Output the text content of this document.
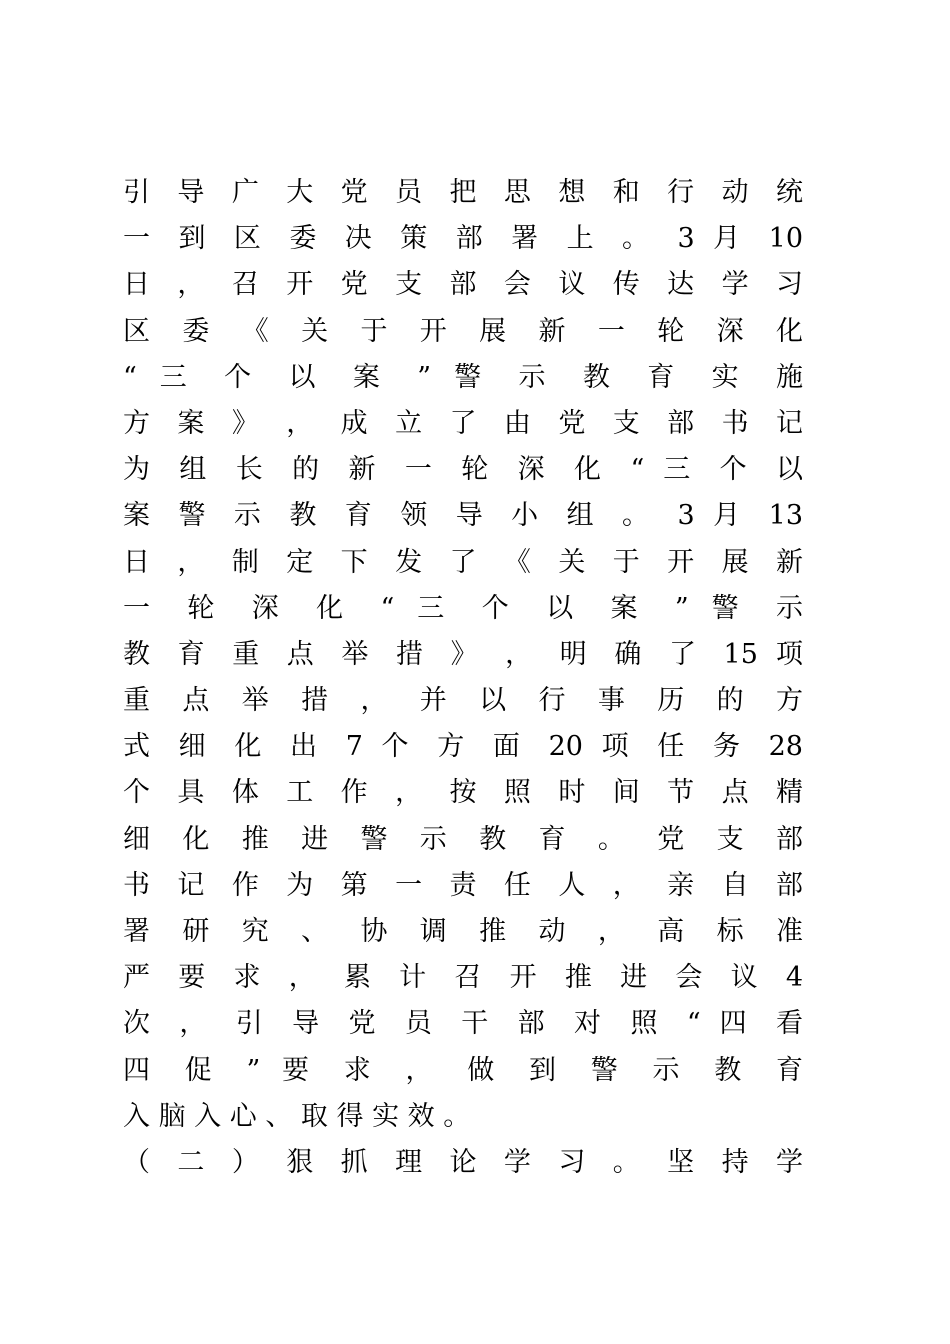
引 导 广 大 党 员 把 思 想 和 行 动 统
一 到 区 委 决 策 部 署 上 。 3 月 10
日 ， 召 开 党 支 部 会 议 传 达 学 习
区 委 《 关 于 开 展 新 一 轮 深 化
“ 三 个 以 案 ” 警 示 教 育 实 施
方 案 》 ， 成 立 了 由 党 支 部 书 记
为 组 长 的 新 一 轮 深 化 “ 三 个 以
案 警 示 教 育 领 导 小 组 。 3 月 13
日 ， 制 定 下 发 了 《 关 于 开 展 新
一 轮 深 化 “ 三 个 以 案 ” 警 示
教 育 重 点 举 措 》 ， 明 确 了 15 项
重 点 举 措 ， 并 以 行 事 历 的 方
式 细 化 出 7 个 方 面 20 项 任 务 28
个 具 体 工 作 ， 按 照 时 间 节 点 精
细 化 推 进 警 示 教 育 。 党 支 部
书 记 作 为 第 一 责 任 人 ， 亲 自 部
署 研 究 、 协 调 推 动 ， 高 标 准
严 要 求 ， 累 计 召 开 推 进 会 议 4
次 ， 引 导 党 员 干 部 对 照 “ 四 看
四 促 ” 要 求 ， 做 到 警 示 教 育
入 脑 入 心 、 取 得 实 效 。
（ 二 ） 狠 抓 理 论 学 习 。 坚 持 学
